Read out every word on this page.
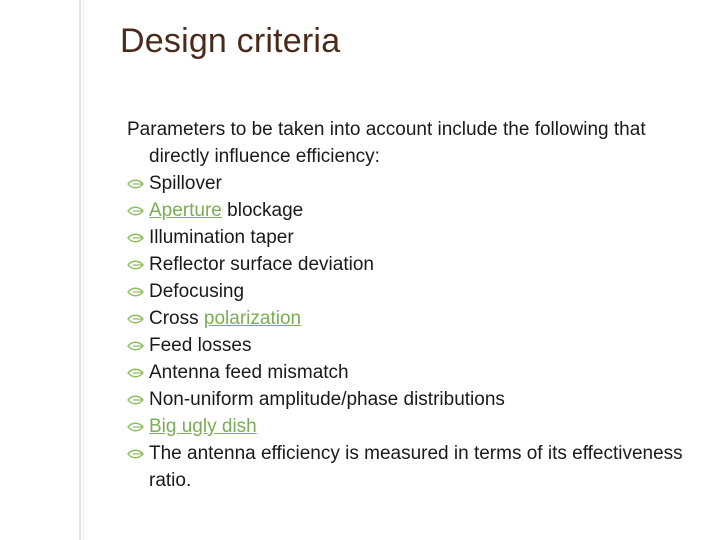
Design criteria
Parameters to be taken into account include the following that directly influence efficiency:
Spillover
Aperture blockage
Illumination taper
Reflector surface deviation
Defocusing
Cross polarization
Feed losses
Antenna feed mismatch
Non-uniform amplitude/phase distributions
Big ugly dish
The antenna efficiency is measured in terms of its effectiveness ratio.
